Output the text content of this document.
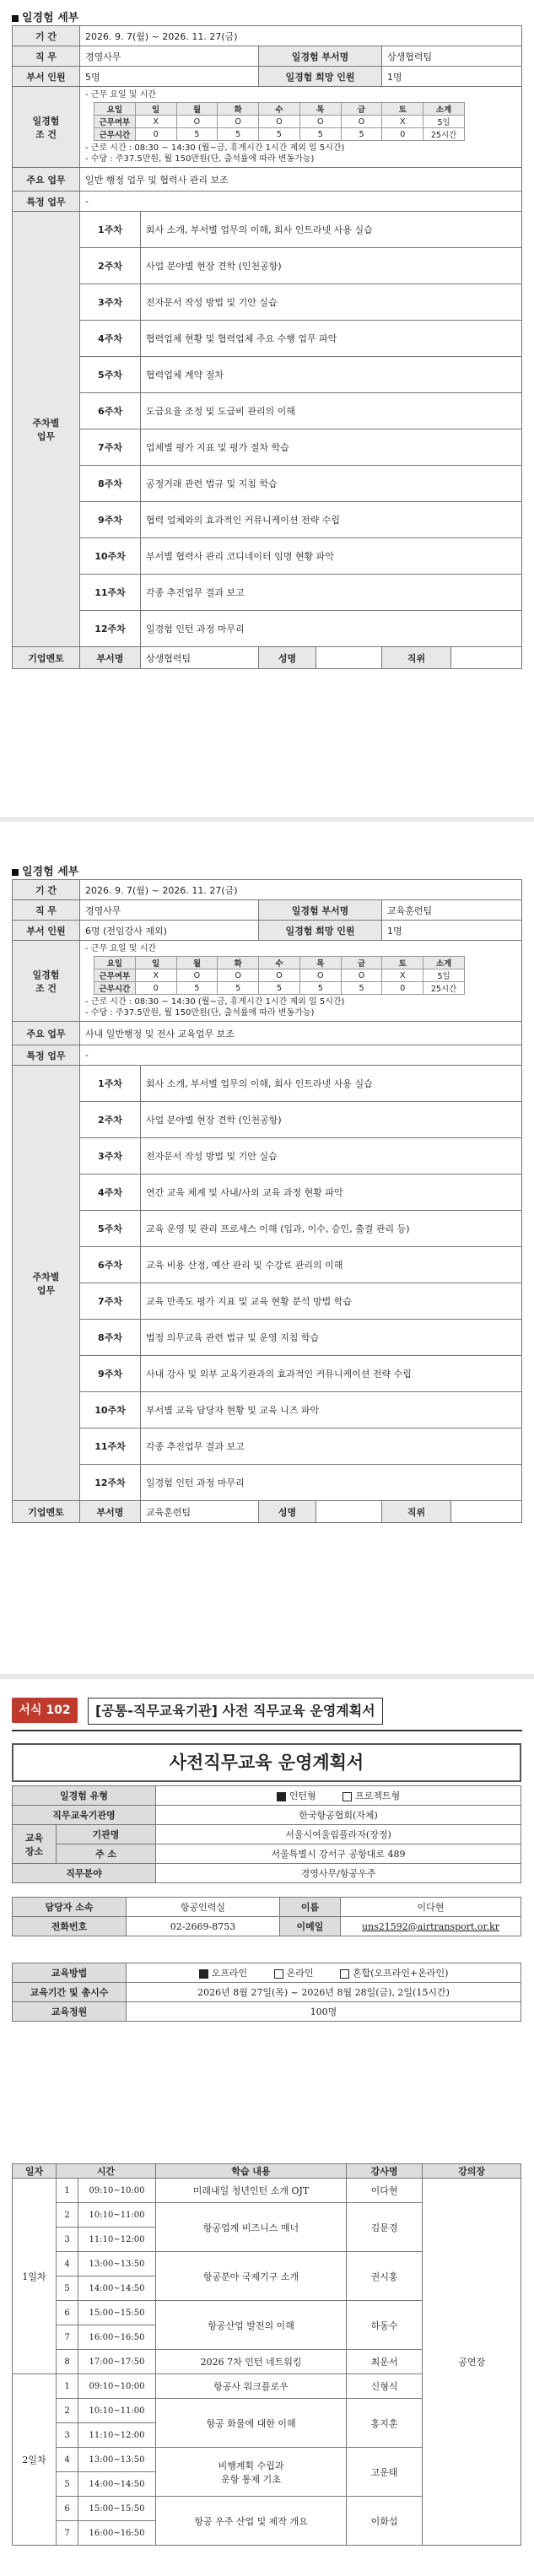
일경험 세부
기 간	2026. 9. 7(월) ~ 2026. 11. 27(금)
직 무	경영사무	일경험 부서명	상생협력팀
부서 인원	5명	일경험 희망 인원	1명
일경험
조 건	
- 근무 요일 및 시간
요일	일	월	화	수	목	금	토	소계
근무여부	X	O	O	O	O	O	X	5일
근무시간	0	5	5	5	5	5	0	25시간
- 근로 시간 : 08:30 ~ 14:30 (월~금, 휴게시간 1시간 제외 일 5시간)
- 수당 : 주37.5만원, 월 150만원(단, 출석률에 따라 변동가능)

주요 업무	일반 행정 업무 및 협력사 관리 보조
특정 업무	-
주차별
업무	1주차	회사 소개, 부서별 업무의 이해, 회사 인트라넷 사용 실습
2주차	사업 분야별 현장 견학 (인천공항)
3주차	전자문서 작성 방법 및 기안 실습
4주차	협력업체 현황 및 협력업체 주요 수행 업무 파악
5주차	협력업체 계약 절차
6주차	도급요율 조정 및 도급비 관리의 이해
7주차	업체별 평가 지표 및 평가 절차 학습
8주차	공정거래 관련 법규 및 지침 학습
9주차	협력 업체와의 효과적인 커뮤니케이션 전략 수립
10주차	부서별 협력사 관리 코디네이터 임명 현황 파악
11주차	각종 추진업무 결과 보고
12주차	일경험 인턴 과정 마무리
기업멘토	부서명	상생협력팀	성명		직위	
일경험 세부
기 간	2026. 9. 7(월) ~ 2026. 11. 27(금)
직 무	경영사무	일경험 부서명	교육훈련팀
부서 인원	6명 (전임강사 제외)	일경험 희망 인원	1명
일경험
조 건	
- 근무 요일 및 시간
요일	일	월	화	수	목	금	토	소계
근무여부	X	O	O	O	O	O	X	5일
근무시간	0	5	5	5	5	5	0	25시간
- 근로 시간 : 08:30 ~ 14:30 (월~금, 휴게시간 1시간 제외 일 5시간)
- 수당 : 주37.5만원, 월 150만원(단, 출석률에 따라 변동가능)

주요 업무	사내 일반행정 및 전사 교육업무 보조
특정 업무	-
주차별
업무	1주차	회사 소개, 부서별 업무의 이해, 회사 인트라넷 사용 실습
2주차	사업 분야별 현장 견학 (인천공항)
3주차	전자문서 작성 방법 및 기안 실습
4주차	연간 교육 체계 및 사내/사외 교육 과정 현황 파악
5주차	교육 운영 및 관리 프로세스 이해 (입과, 이수, 승인, 출결 관리 등)
6주차	교육 비용 산정, 예산 관리 및 수강료 관리의 이해
7주차	교육 만족도 평가 지표 및 교육 현황 분석 방법 학습
8주차	법정 의무교육 관련 법규 및 운영 지침 학습
9주차	사내 강사 및 외부 교육기관과의 효과적인 커뮤니케이션 전략 수립
10주차	부서별 교육 담당자 현황 및 교육 니즈 파악
11주차	각종 추진업무 결과 보고
12주차	일경험 인턴 과정 마무리
기업멘토	부서명	교육훈련팀	성명		직위	
서식 102	[공통-직무교육기관] 사전 직무교육 운영계획서
사전직무교육 운영계획서
일경험 유형		인턴형 프로젝트형
직무교육기관명		한국항공협회(자체)
교육
장소	기관명	서울시여울림플라자(장정)
	주 소	서울특별시 강서구 공항대로 489
직무분야		경영사무/항공우주
담당자 소속	항공인력실	이름	이다현
전화번호	02-2669-8753	이메일	uns21592@airtransport.or.kr
교육방법	오프라인 온라인 혼합(오프라인+온라인)
교육기간 및 총시수	2026년 8월 27일(목) ~ 2026년 8월 28일(금), 2일(15시간)
교육정원	100명
일자	시간		학습 내용	강사명	강의장
1일차	1	09:10~10:00	미래내일 청년인턴 소개 OJT	이다현	공연장
	2	10:10~11:00	항공업계 비즈니스 매너	김문경	
	3	11:10~12:00			
	4	13:00~13:50	항공분야 국제기구 소개	권시홍	
	5	14:00~14:50			
	6	15:00~15:50	항공산업 발전의 이해	하동수	
	7	16:00~16:50			
	8	17:00~17:50	2026 7차 인턴 네트워킹	최운서	
2일차	1	09:10~10:00	항공사 워크플로우	신형식	
	2	10:10~11:00	항공 화물에 대한 이해	홍지훈	
	3	11:10~12:00			
	4	13:00~13:50	비행계획 수립과
운항 통제 기초	고운태	
	5	14:00~14:50			
	6	15:00~15:50	항공 우주 산업 및 제작 개요	이화섭	
	7	16:00~16:50			
